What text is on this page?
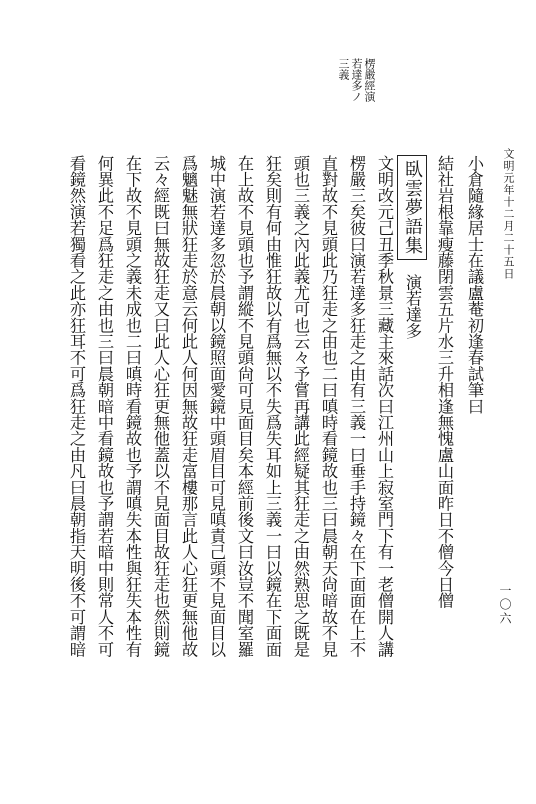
文明元年十二月二十五日
一〇六
楞嚴經演
若達多ノ
三義
小倉隨緣居士在議盧菴初逢春試筆曰
結社岩根靠瘦藤閉雲五片水三升相逢無愧盧山面昨日不僧今日僧
臥雲夢語集演若達多
文明改元己丑季秋景三藏主來話次曰江州山上寂室門下有一老僧開人講
楞嚴三矣彼曰演若達多狂走之由有三義一曰垂手持鏡々在下面面在上不
直對故不見頭此乃狂走之由也二曰嗔時看鏡故也三曰晨朝天尙暗故不見
頭也三義之內此義尤可也云々予嘗再講此經疑其狂走之由然熟思之既是
狂矣則有何由惟狂故以有爲無以不失爲失耳如上三義一曰以鏡在下面面
在上故不見頭也予謂縱不見頭尙可見面目矣本經前後文曰汝豈不聞室羅
城中演若達多忽於晨朝以鏡照面愛鏡中頭眉目可見嗔責己頭不見面目以
爲魑魅無狀狂走於意云何此人何因無故狂走富樓那言此人心狂更無他故
云々經既曰無故狂走又曰此人心狂更無他蓋以不見面目故狂走也然則鏡
在下故不見頭之義未成也二曰嗔時看鏡故也予謂嗔失本性與狂失本性有
何異此不足爲狂走之由也三曰晨朝暗中看鏡故也予謂若暗中則常人不可
看鏡然演若獨看之此亦狂耳不可爲狂走之由凡曰晨朝指天明後不可謂暗
